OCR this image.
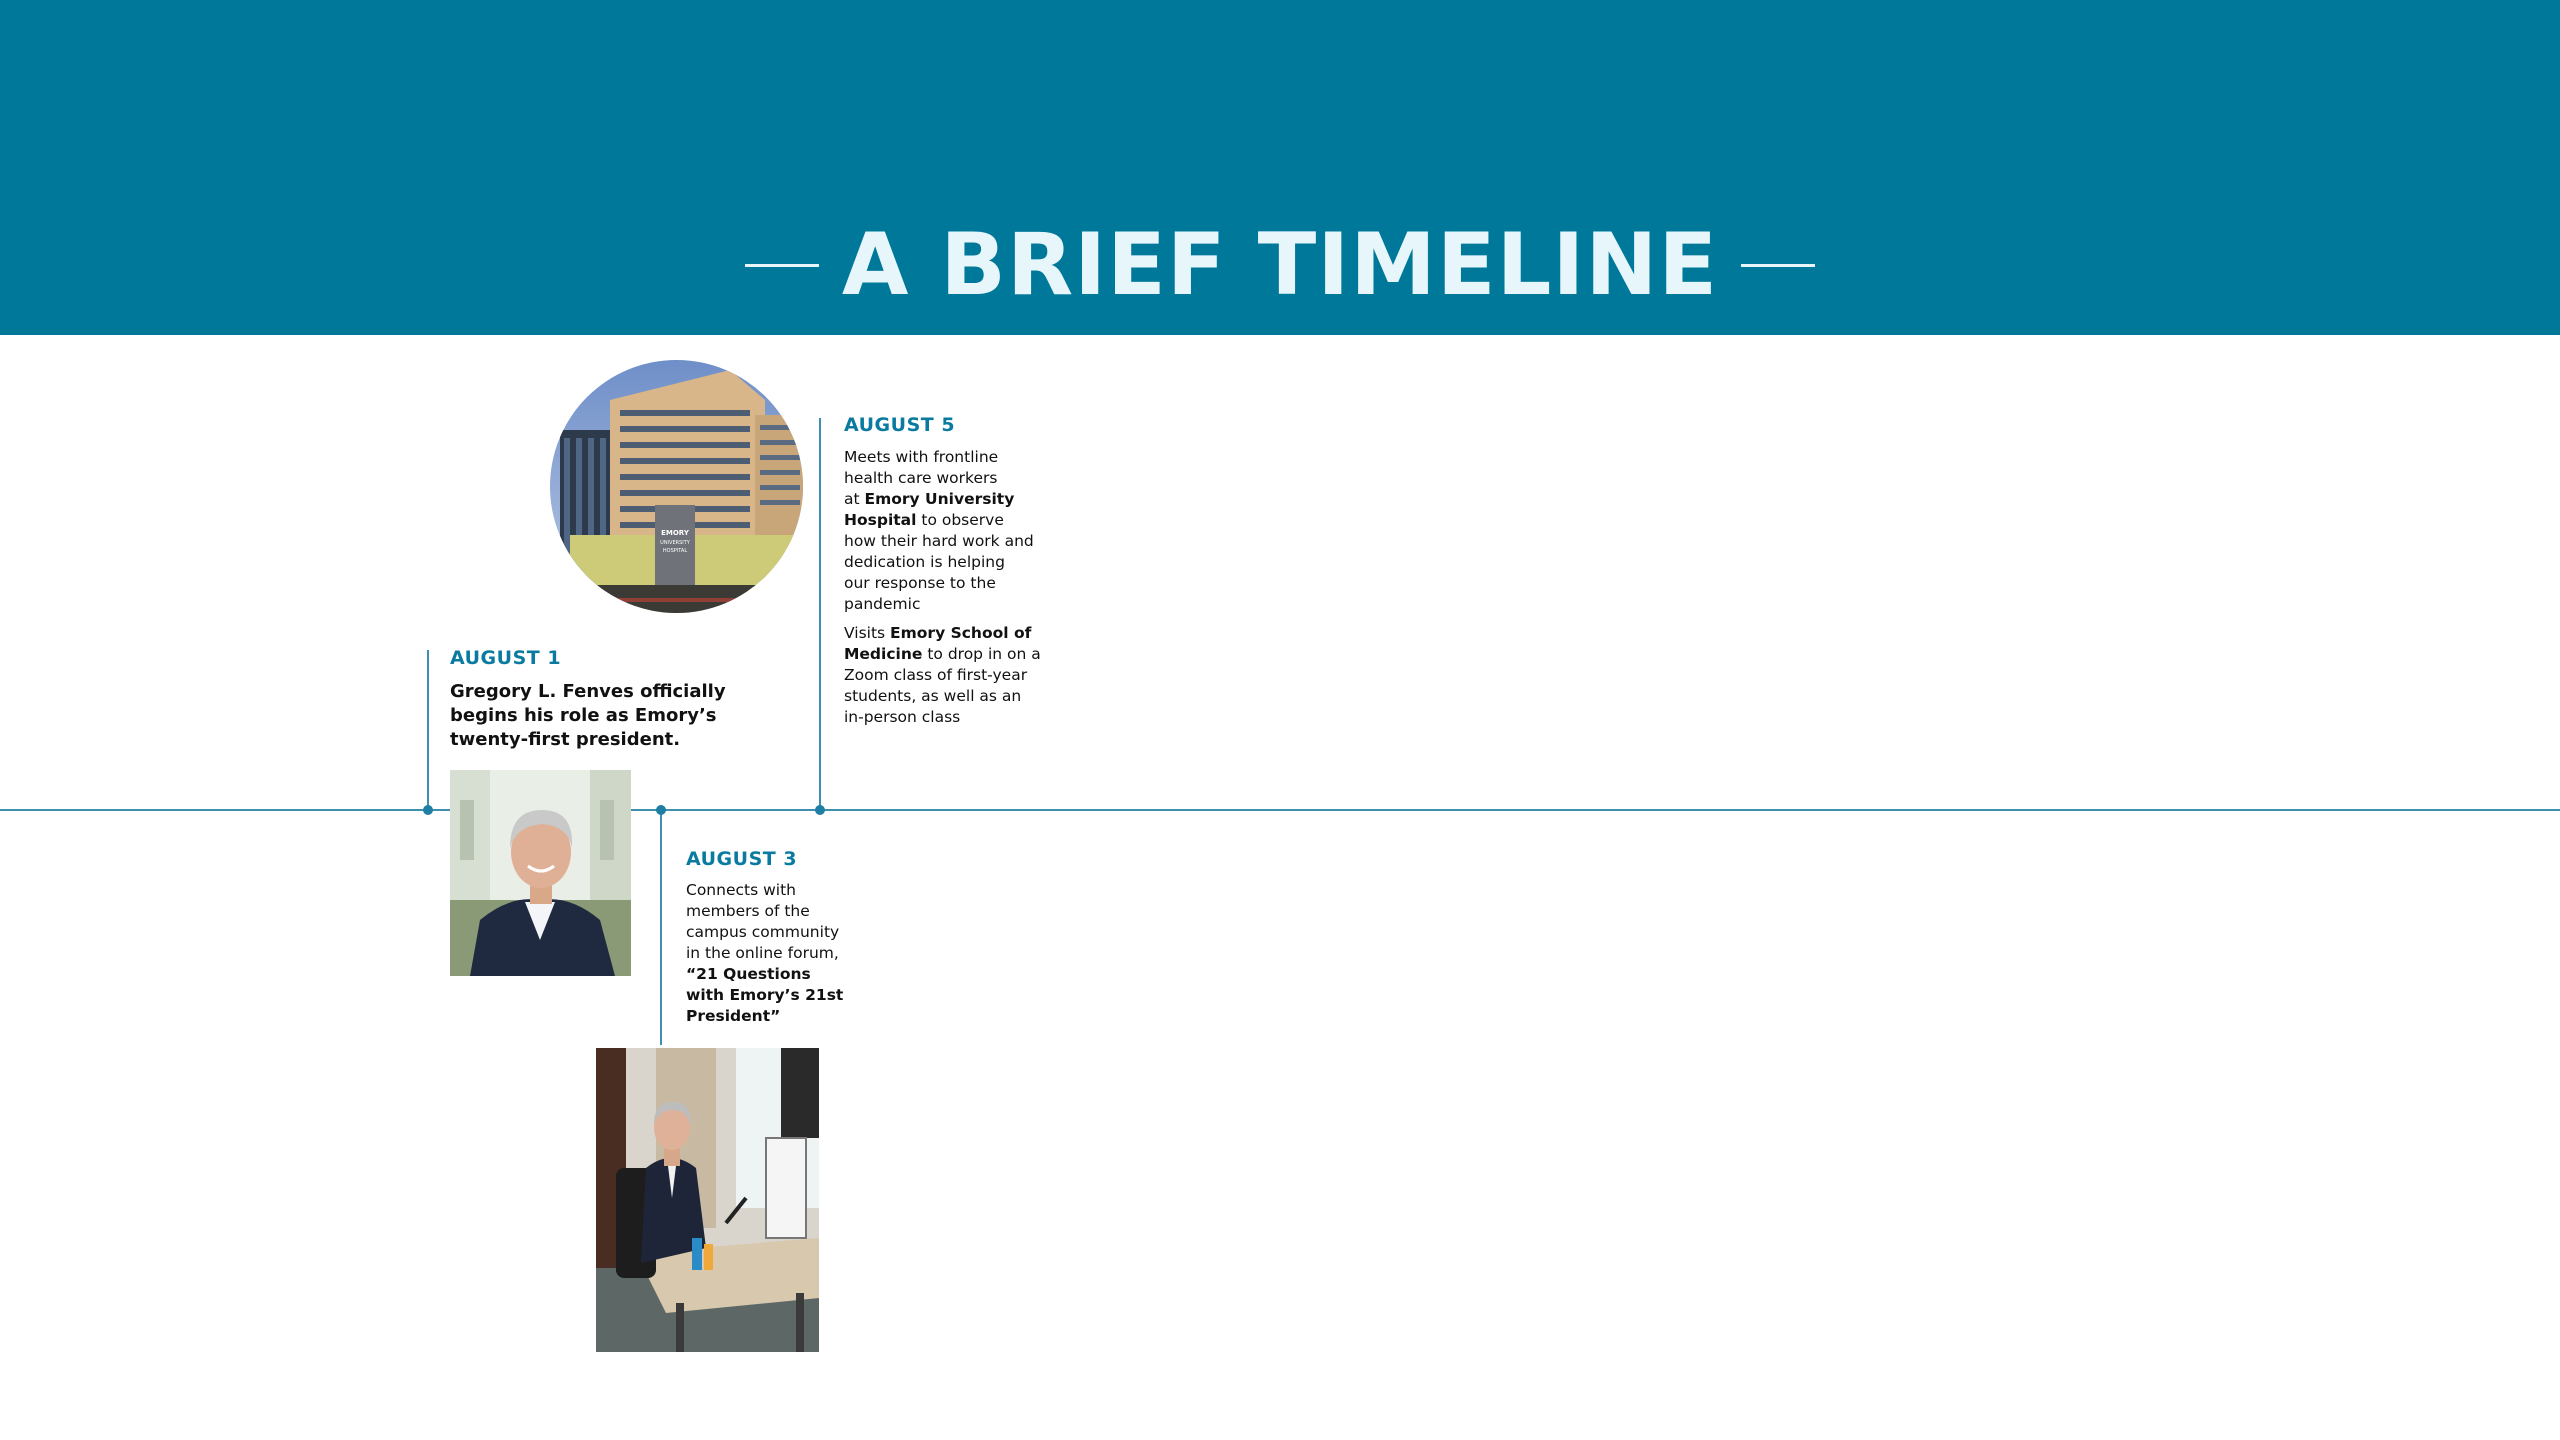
A BRIEF TIMELINE
EMORY
UNIVERSITY
HOSPITAL
AUGUST 5
Meets with frontline
health care workers
at Emory University
Hospital to observe
how their hard work and
dedication is helping
our response to the
pandemic
Visits Emory School of
Medicine to drop in on a
Zoom class of first-year
students, as well as an
in-person class
AUGUST 1
Gregory L. Fenves officially
begins his role as Emory’s
twenty-first president.
AUGUST 3
Connects with
members of the
campus community
in the online forum,
“21 Questions
with Emory’s 21st
President”
